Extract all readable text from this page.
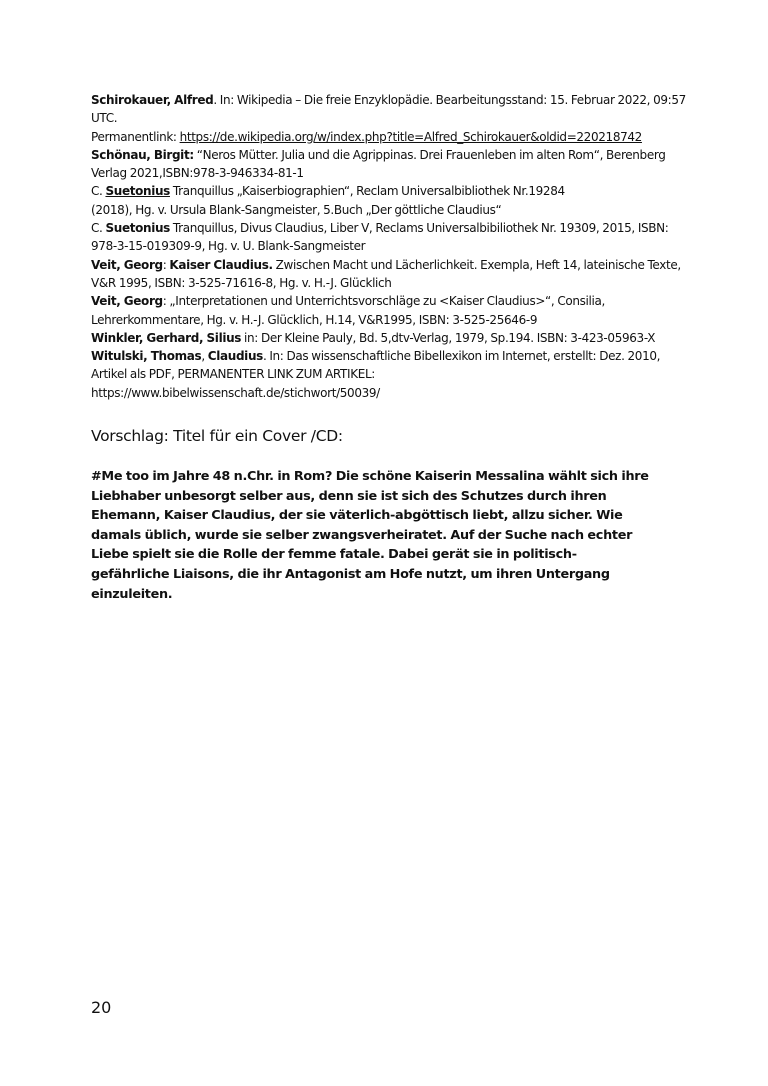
Schirokauer, Alfred. In: Wikipedia – Die freie Enzyklopädie. Bearbeitungsstand: 15. Februar 2022, 09:57 UTC.
Permanentlink: https://de.wikipedia.org/w/index.php?title=Alfred_Schirokauer&oldid=220218742

Schönau, Birgit: “Neros Mütter. Julia und die Agrippinas. Drei Frauenleben im alten Rom“, Berenberg Verlag 2021,ISBN:978-3-946334-81-1

C. Suetonius Tranquillus „Kaiserbiographien“, Reclam Universalbibliothek Nr.19284
(2018), Hg. v. Ursula Blank-Sangmeister, 5.Buch „Der göttliche Claudius“

C. Suetonius Tranquillus, Divus Claudius, Liber V, Reclams Universalbibiliothek Nr. 19309, 2015, ISBN: 978-3-15-019309-9, Hg. v. U. Blank-Sangmeister

Veit, Georg: Kaiser Claudius. Zwischen Macht und Lächerlichkeit. Exempla, Heft 14, lateinische Texte, V&R 1995, ISBN: 3-525-71616-8, Hg. v. H.-J. Glücklich

Veit, Georg: „Interpretationen und Unterrichtsvorschläge zu <Kaiser Claudius>“, Consilia, Lehrerkommentare, Hg. v. H.-J. Glücklich, H.14, V&R1995, ISBN: 3-525-25646-9

Winkler, Gerhard, Silius in: Der Kleine Pauly, Bd. 5,dtv-Verlag, 1979, Sp.194. ISBN: 3-423-05963-X

Witulski, Thomas, Claudius. In: Das wissenschaftliche Bibellexikon im Internet, erstellt: Dez. 2010, Artikel als PDF, PERMANENTER LINK ZUM ARTIKEL:
https://www.bibelwissenschaft.de/stichwort/50039/

Vorschlag: Titel für ein Cover /CD:

#Me too im Jahre 48 n.Chr. in Rom? Die schöne Kaiserin Messalina wählt sich ihre Liebhaber unbesorgt selber aus, denn sie ist sich des Schutzes durch ihren Ehemann, Kaiser Claudius, der sie väterlich-abgöttisch liebt, allzu sicher. Wie damals üblich, wurde sie selber zwangsverheiratet. Auf der Suche nach echter Liebe spielt sie die Rolle der femme fatale. Dabei gerät sie in politisch-gefährliche Liaisons, die ihr Antagonist am Hofe nutzt, um ihren Untergang einzuleiten.

20
